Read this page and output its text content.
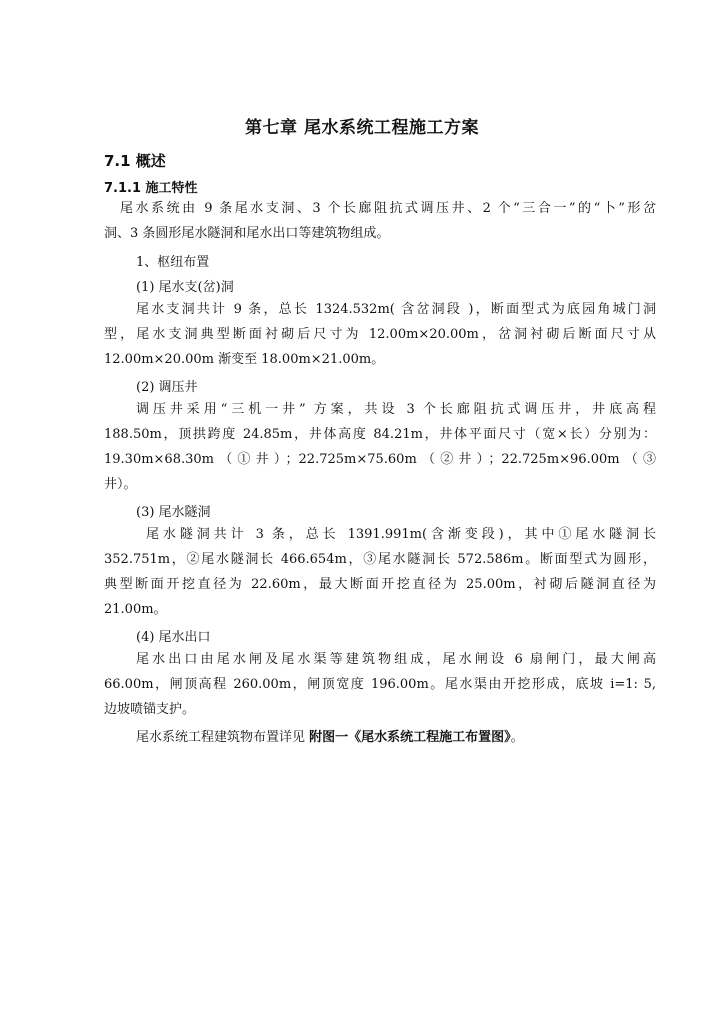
第七章 尾水系统工程施工方案
7.1 概述
7.1.1 施工特性
尾水系统由 9 条尾水支洞、3 个长廊阻抗式调压井、2 个“三合一”的“卜”形岔
洞、3 条圆形尾水隧洞和尾水出口等建筑物组成。
1、枢纽布置
(1) 尾水支(岔)洞
尾水支洞共计 9 条，总长 1324.532m( 含岔洞段 )，断面型式为底园角城门洞
型，尾水支洞典型断面衬砌后尺寸为 12.00m×20.00m，岔洞衬砌后断面尺寸从
12.00m×20.00m 渐变至 18.00m×21.00m。
(2) 调压井
调压井采用“三机一井” 方案，共设 3 个长廊阻抗式调压井，井底高程
188.50m，顶拱跨度 24.85m，井体高度 84.21m，井体平面尺寸（宽×长）分别为：
19.30m×68.30m（①井）；22.725m×75.60m（②井）；22.725m×96.00m（③
井）。
(3) 尾水隧洞
尾水隧洞共计 3 条，总长 1391.991m(含渐变段)，其中①尾水隧洞长
352.751m，②尾水隧洞长 466.654m，③尾水隧洞长 572.586m。断面型式为圆形，
典型断面开挖直径为 22.60m，最大断面开挖直径为 25.00m，衬砌后隧洞直径为
21.00m。
(4) 尾水出口
尾水出口由尾水闸及尾水渠等建筑物组成，尾水闸设 6 扇闸门，最大闸高
66.00m，闸顶高程 260.00m，闸顶宽度 196.00m。尾水渠由开挖形成，底坡 i=1: 5,
边坡喷锚支护。
尾水系统工程建筑物布置详见 附图一《尾水系统工程施工布置图》。
